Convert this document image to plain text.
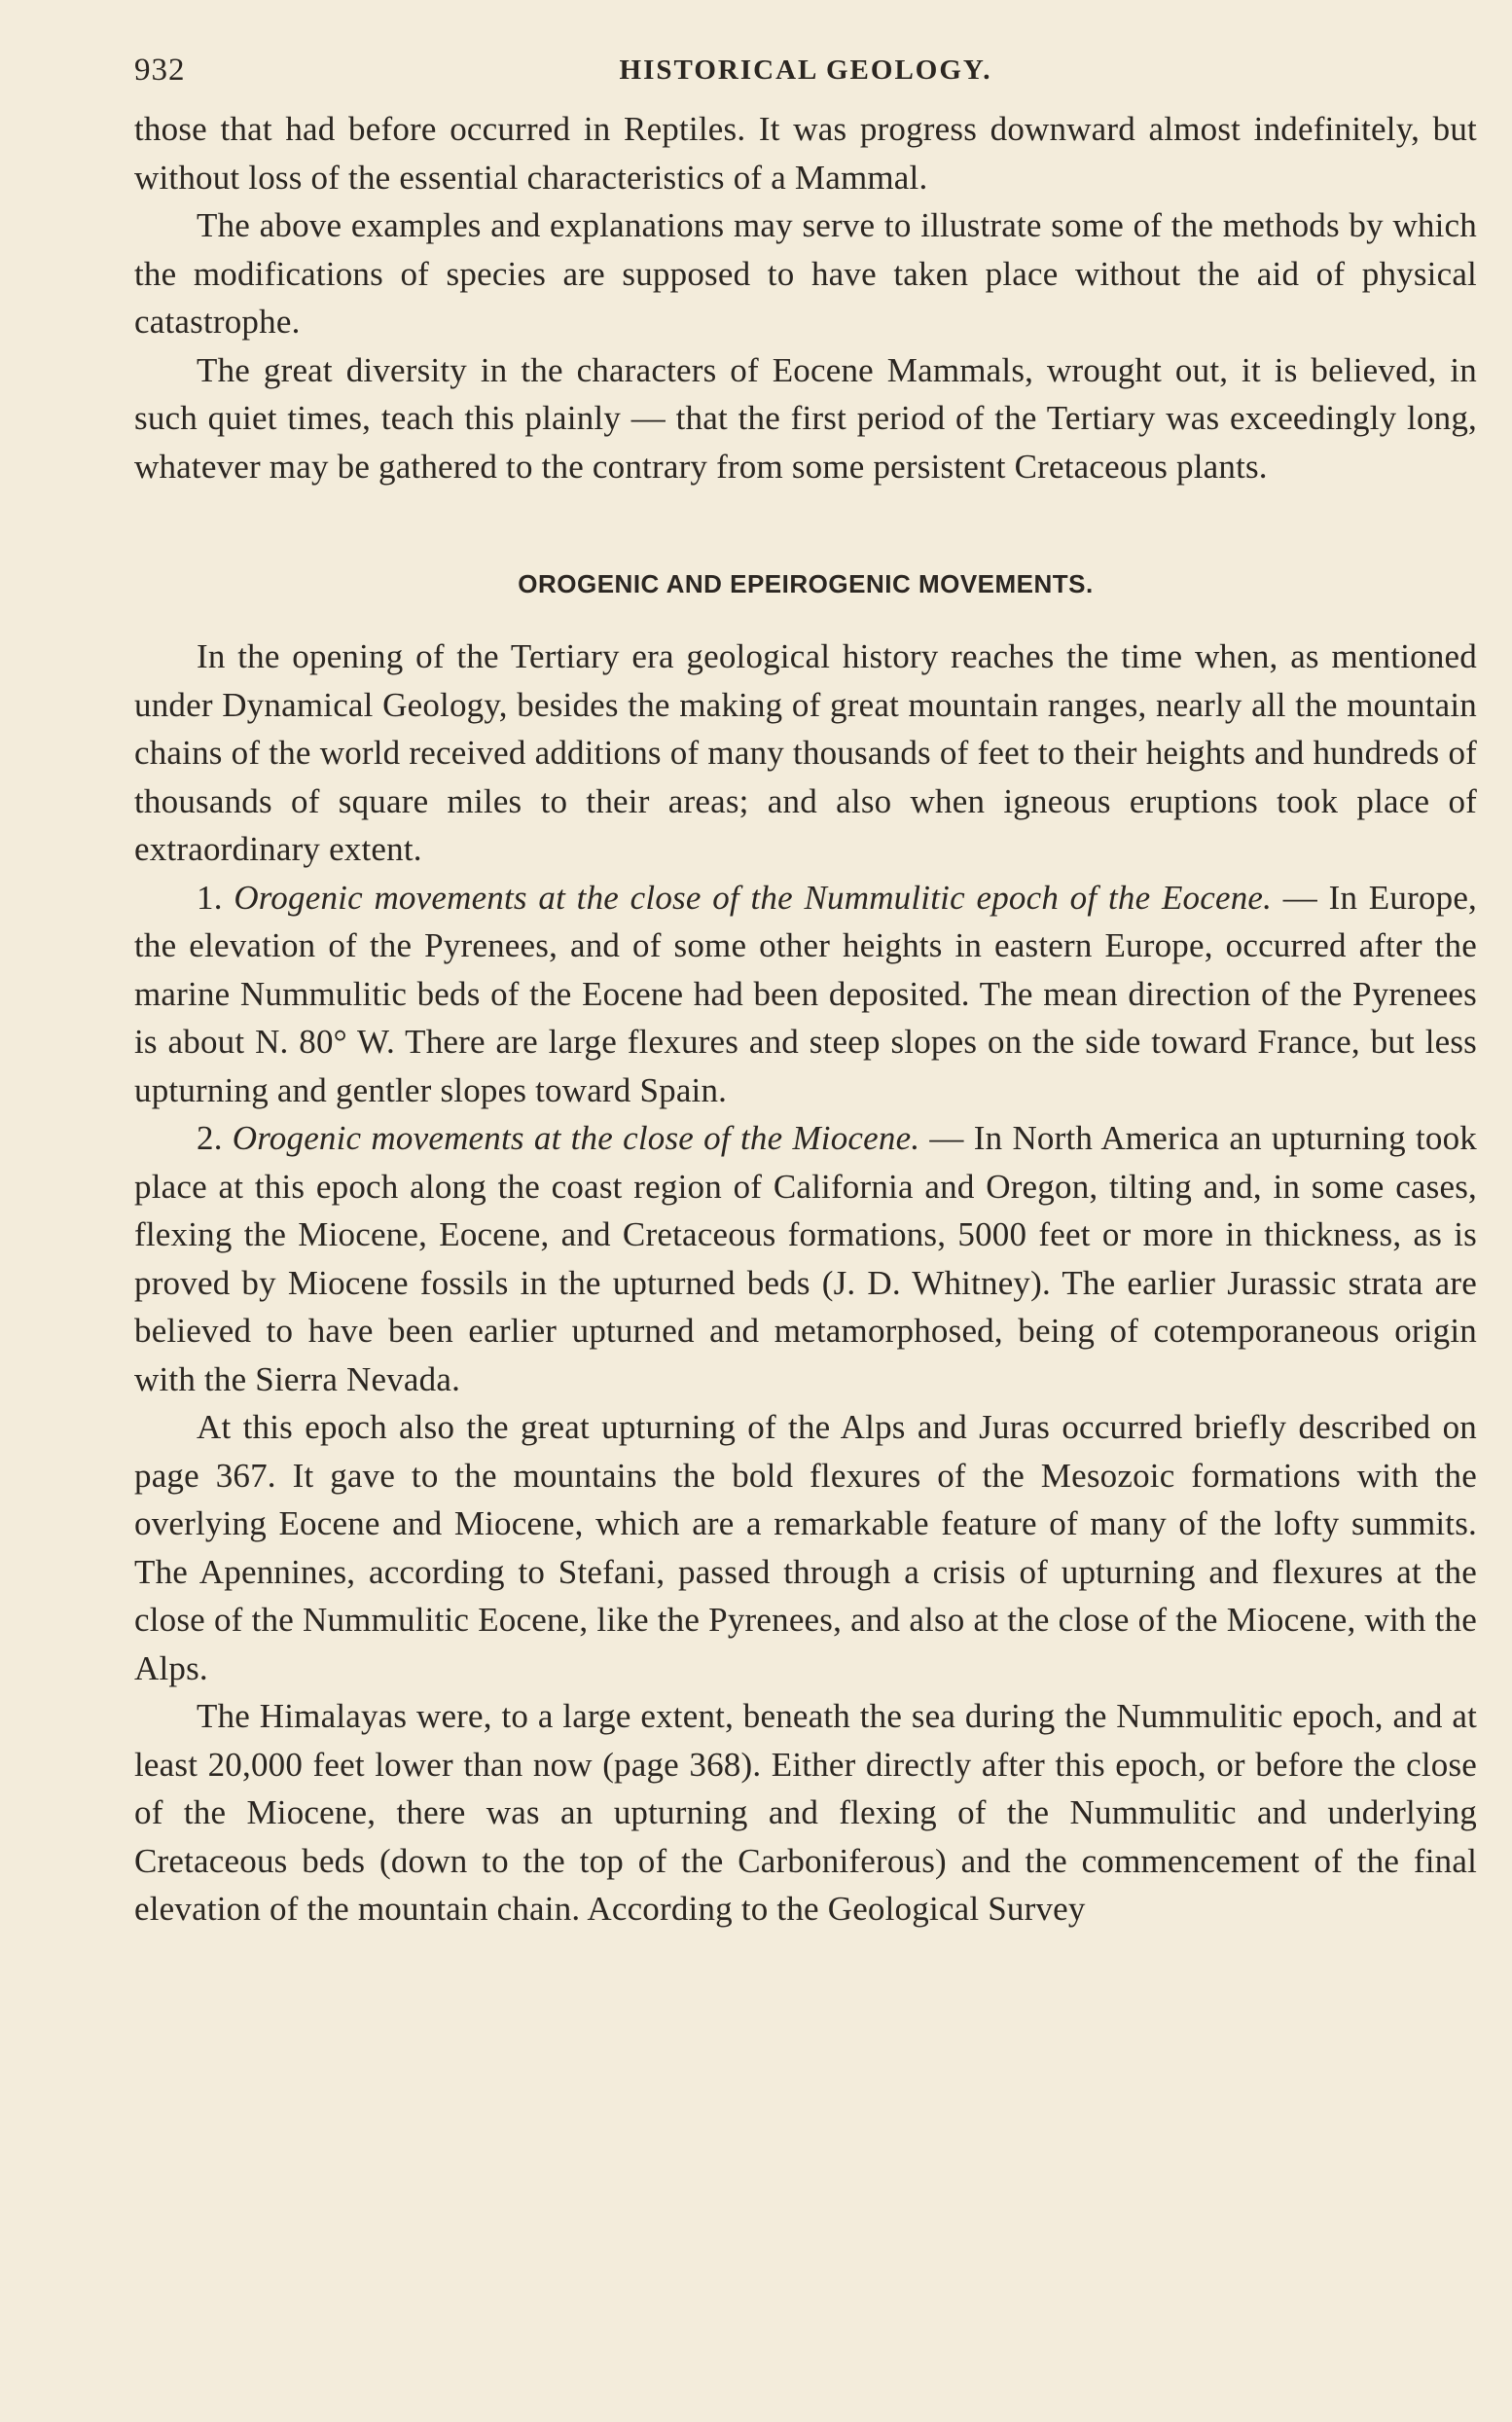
932	HISTORICAL GEOLOGY.

those that had before occurred in Reptiles. It was progress downward almost indefinitely, but without loss of the essential characteristics of a Mammal.

The above examples and explanations may serve to illustrate some of the methods by which the modifications of species are supposed to have taken place without the aid of physical catastrophe.

The great diversity in the characters of Eocene Mammals, wrought out, it is believed, in such quiet times, teach this plainly — that the first period of the Tertiary was exceedingly long, whatever may be gathered to the contrary from some persistent Cretaceous plants.

OROGENIC AND EPEIROGENIC MOVEMENTS.

In the opening of the Tertiary era geological history reaches the time when, as mentioned under Dynamical Geology, besides the making of great mountain ranges, nearly all the mountain chains of the world received additions of many thousands of feet to their heights and hundreds of thousands of square miles to their areas; and also when igneous eruptions took place of extraordinary extent.

1. Orogenic movements at the close of the Nummulitic epoch of the Eocene. — In Europe, the elevation of the Pyrenees, and of some other heights in eastern Europe, occurred after the marine Nummulitic beds of the Eocene had been deposited. The mean direction of the Pyrenees is about N. 80° W. There are large flexures and steep slopes on the side toward France, but less upturning and gentler slopes toward Spain.

2. Orogenic movements at the close of the Miocene. — In North America an upturning took place at this epoch along the coast region of California and Oregon, tilting and, in some cases, flexing the Miocene, Eocene, and Cretaceous formations, 5000 feet or more in thickness, as is proved by Miocene fossils in the upturned beds (J. D. Whitney). The earlier Jurassic strata are believed to have been earlier upturned and metamorphosed, being of cotemporaneous origin with the Sierra Nevada.

At this epoch also the great upturning of the Alps and Juras occurred briefly described on page 367. It gave to the mountains the bold flexures of the Mesozoic formations with the overlying Eocene and Miocene, which are a remarkable feature of many of the lofty summits. The Apennines, according to Stefani, passed through a crisis of upturning and flexures at the close of the Nummulitic Eocene, like the Pyrenees, and also at the close of the Miocene, with the Alps.

The Himalayas were, to a large extent, beneath the sea during the Nummulitic epoch, and at least 20,000 feet lower than now (page 368). Either directly after this epoch, or before the close of the Miocene, there was an upturning and flexing of the Nummulitic and underlying Cretaceous beds (down to the top of the Carboniferous) and the commencement of the final elevation of the mountain chain. According to the Geological Survey
